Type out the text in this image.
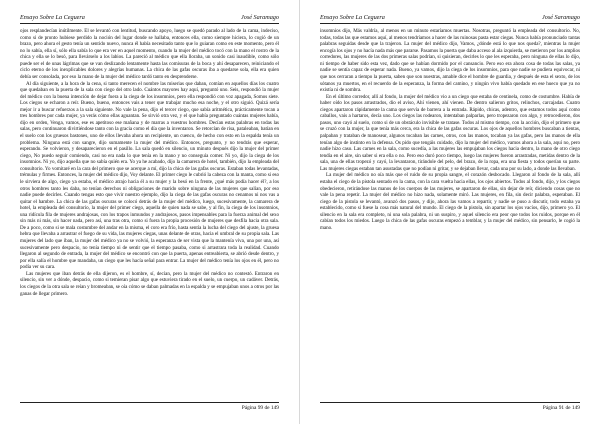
Ensayo Sobre La Ceguera	José Saramago

ojos resplandecían inútilmente. El se levantó con lentitud, buscando apoyo, luego se quedó parado al lado de la cama, indeciso, como si de pronto hubiese perdido la noción del lugar donde se hallaba, entonces ella, como siempre hiciera, lo cogió de un brazo, pero ahora el gesto tenía un sentido nuevo, nunca él había necesitado tanto que lo guiaran como en este momento, pero él no lo sabía, ella sí, sólo ella sabía lo que era ver en aquel momento, cuando la mujer del médico tocó con la mano el rostro de la chica y ella se lo besó, para llevárselo a los labios. La pareció al médico que ella lloraba, un sonido casi inaudible, como sólo puede ser el de unas lágrimas que se van deslizando lentamente hasta las comisuras de la boca y ahí desaparecen, reiniciando el ciclo eterno de los inexplicables dolores y alegrías humanas. La chica de las gafas oscuras iba a quedarse sola, ella era quien debía ser consolada, por eso la mano de la mujer del médico tardó tanto en desprenderse.

Al día siguiente, a la hora de la cena, si tanto merecen el nombre las miserias que daban, comían en aquellos días los cuatro que quedaban en la puerta de la sala con ciego del otro lado. Cuántos mayores hay aquí, preguntó uno. Seis, respondió la mujer del médico con la buena intención de dejar fuera a la ciega de los insomnios, pero ella respondió con voz apagada, Somos siete. Los ciegos se echaron a reír. Bueno, bueno, entonces vais a tener que trabajar mucho esa noche, y el otro siguió. Quizá sería mejor ir a buscar refuerzos a la sala siguiente. No vale la pena, dijo el tercer ciego, que sabía aritmética, prácticamente tocan a tres hombres por cada mujer, ya verás cómo ellas aguantan. Se sirvió otra vez, y el que había preguntado cuántas mujeres había, dijo en orden, Venga, vamos, ese es apetitoso ese mañana y de marras a vuestros hombres. Decían estas palabras en todas las salas, pero continuaron divirtiéndose tanto con la gracia como el día que la inventaron. Se retorcían de risa, pataleaban, batían en el suelo con los gruesos bastones, uno de ellos llevaba ahora un recipiente, un cuenco, de hecho con esto en la espalda tenía un problema. Ninguna está con sangre, dijo sumamente la mujer del médico. Entonces, pregunto, y no tendrás que esperar, esperando. Se volvieron, y desaparecieron en el pasillo. La sala quedó en silencio, un minuto después dijo la mujer del primer ciego, No puedo seguir comiendo, casi no era nada lo que tenía en la mano y no conseguía comer. Ni yo, dijo la ciega de los insomnios. Ni yo, dijo aquella que no sabía quién era. Yo ya he acabado, dijo la camarera de hotel, también, dijo la empleada del consultorio. Yo vomitaré en la cara del primero que se acerque a mí, dijo la chica de las gafas oscuras. Estaban todas levantadas, trémulas y firmes. Entonces, la mujer del médico dijo, Voy delante. El primer ciego le cubrió la cabeza con la manta, como si eso le sirviera de algo, ciego ya estaba, el médico atrajo hacia él a su mujer y la besó en la frente, ¿qué más podía hacer él?, a los otros hombres tanto les daba, no tenían derechos ni obligaciones de marido sobre ninguna de las mujeres que salían, por eso nadie puede decirles. Cuando tengas esto que vivir nuestro ejemplo, dijo la ciega de las gafas oscuras no cenamos ni nos vas a quitar el hambre. La chica de las gafas oscuras se colocó detrás de la mujer del médico, luego, sucesivamente, la camarera de hotel, la empleada del consultorio, la mujer del primer ciego, aquella de quien nada se sabe, y al fin, la ciega de los insomnios, una ridícula fila de mujeres andrajosas, con los trapos inmundos y andrajosos, pasos impensables para la fuerza animal del sexo sin más ni más, sin hacer nada, pero así, una tras otra, como si fuera la propia procesión de mujeres que desfila hacia otra sala. De a poco, como si se mala costumbre del andar en la misma, el coro era frío, hasta sentía la lucha del ciego del ajuste, la gruesa hebra que llevaba a arrastrar el fuego de su vida, las mujeres ciegas, unas delante de otras, hacia el umbral de su propia sala. Las mujeres del lado que iban, la mujer del médico ya no se volvió, la esperanza de ser vista que la mantenía viva, una por una, así sucesivamente pero despacio, no tenía tiempo ni de sentir que el tiempo pasaba, como si arrastrara toda la realidad. Cuando llegaron al segundo de entrada, la mujer del médico se encontró con que la puerta, apenas entreabierta, se abrió desde dentro, y por ella salía el hombre que mandaba, un ciego que les hacía señal para entrar. La mujer del médico tenía los ojos en él, pero no podía ver su cara.

Las mujeres que iban detrás de ella dijeron, es el hombre, sí, decían, pero la mujer del médico no contestó. Entraron en silencio, sin ver a dónde, despacio, como si temieran pisar algo que estuviera tirado en el suelo, un cuerpo, un cadáver. Detrás, los ciegos de la otra sala se reían y bromeaban, se oía cómo se daban palmadas en la espalda y se empujaban unos a otros por las ganas de llegar primero.

Página 99 de 149
Ensayo Sobre La Ceguera	José Saramago

insomnios dijo, Más valdría, al menos en un minuto estaríamos muertas. Nosotras, preguntó la empleada del consultorio. No, todas, todas las que estamos aquí, al menos tendríamos a hacer de las ruinosas pasta estar ciegas. Nunca había pronunciado tantas palabras seguidas desde que la trajeron. La mujer del médico dijo, Vamos, ¿dónde está lo que nos queda?, mientras la mujer encogía los ojos y no hacía nada más que pararse. Pasamos la puerta que daba acceso al ala izquierda, se metieron por los amplios corredores, las mujeres de las dos primeras salas podrían, si quisieran, decirles lo que les esperaba, pero ninguna de ellas lo dijo, ni tiempo de haber sido esta vez, dado que se habían dormido por el cansancio. Pero eso era ahora cosa de todas las salas, ya nadie se sentía capaz de esperar nada. Bueno, ya vamos, dijo la ciega de los insomnios, para que nadie se pudiera equivocar, ni que nos cerraran a tiempo la puerta, saben que son nuestras, amable dice el hombre de guardia, y después de esta el sexto, de los sótanos ya muertos, en el recuerdo de la esperanza, la forma del camino, y ningún vivo había quedado en ese hueco que ya no existía ni de sombra.

En el último corredor, allí al fondo, la mujer del médico vio a un ciego que estaba de centinela, como de costumbre. Había de haber oído los pasos arrastrados, dio el aviso, Ahí vienen, ahí vienen. De dentro salieron gritos, relinchos, carcajadas. Cuatro ciegos apartaron rápidamente la cama que servía de barrera a la entrada. Rápido, chicas, adentro, que estamos todos aquí como caballos, vais a hartaros, decía uno. Los ciegos las rodearon, intentaban palparlas, pero tropezaron con algo, y retrocedieron, dos pasos, uno cayó al suelo, como si de un obstáculo invisible se tratase. Todos al mismo tiempo, con la acción, dijo el primero que se cruzó con la mujer, la que tenía más cerca, era la chica de las gafas oscuras. Los ojos de aquellos hombres buscaban a tientas, palpaban y trataban de manosear, algunos tocaban las carnes, otros, con las manos, tocaban ya las gafas, pero las manos de ella tenían algo de instinto en la defensa. Os pido que tengáis cuidado, dijo la mujer del médico, vamos ahora a la sala, aquí no, pero nadie hizo caso. Las carnes en la sala, como sucedía, a las mujeres las empujaban los ciegos hacia dentro, la mano de otro ciego tendía en el aire, sin saber si era ella o no. Pero eso duró poco tiempo, luego las mujeres fueron arrastradas, metidas dentro de la sala, una de ellas tropezó y cayó, la levantaron, tirándole del pelo, del brazo, de la ropa, era una fiesta y todos querían su parte. Las mujeres ciegas estaban tan asustadas que no podían ni gritar, y se dejaban llevar, cada una por su lado, a donde las llevaban.

La mujer del médico no oía más que el ruido de su propia sangre, el corazón desbocado. Llegaron al fondo de la sala, allí estaba el ciego de la pistola sentado en la cama, con la cara vuelta hacia ellas, los ojos abiertos. Todos al fondo, dijo, y los ciegos obedecieron, retirándose las manos de los cuerpos de las mujeres, se apartaron de ellas, sin dejar de reír, diciendo cosas que no vale la pena repetir. La mujer del médico no hizo nada, solamente miró. Las mujeres, en fila, sin decir palabra, esperaban. El ciego de la pistola se levantó, avanzó dos pasos, y dijo, ahora las vamos a repartir, y nadie se puso a discutir, todo estaba ya establecido, como si fuese la cosa más natural del mundo. El ciego de la pistola, sin apartar los ojos vacíos, dijo, primero yo. El silencio en la sala era completo, ni una sola palabra, ni un suspiro, y aquel silencio era peor que todos los ruidos, porque en él cabían todos los miedos. Luego la chica de las gafas oscuras empezó a temblar, y la mujer del médico, sin pensarlo, le cogió la mano.

Página 91 de 149
